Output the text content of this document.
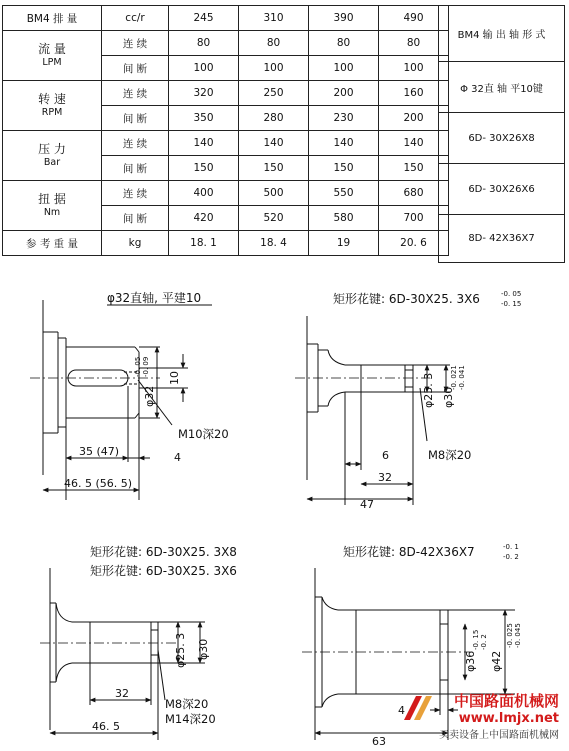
BM4 排 量	cc/r	245	310	390	490
流 量
LPM	连 续	80	80	80	80
	间 断	100	100	100	100
转 速
RPM	连 续	320	250	200	160
	间 断	350	280	230	200
压 力
Bar	连 续	140	140	140	140
	间 断	150	150	150	150
扭 据
Nm	连 续	400	500	550	680
	间 断	420	520	580	700
参 考 重 量	kg	18. 1	18. 4	19	20. 6
BM4 输 出 轴 形 式
Φ 32直 轴 平10键
6D- 30X26X8
6D- 30X26X6
8D- 42X36X7
φ32直轴, 平建10
10
φ32
-0. 05 -0. 09
M10深20
35 (47)	4
46. 5 (56. 5)
矩形花键: 6D-30X25. 3X6	-0. 05
-0. 15
φ25. 3 φ30
-0. 021 -0. 041
M8深20
6
32
47
矩形花键: 6D-30X25. 3X8
矩形花键: 6D-30X25. 3X6
φ25. 3 φ30
32
M8深20
M14深20
46. 5
矩形花键: 8D-42X36X7	-0. 1
-0. 2
φ36
-0. 15 -0. 2
φ42
-0. 025 -0. 045
4
63
中国路面机械网
www.lmjx.net
买卖设备上中国路面机械网
